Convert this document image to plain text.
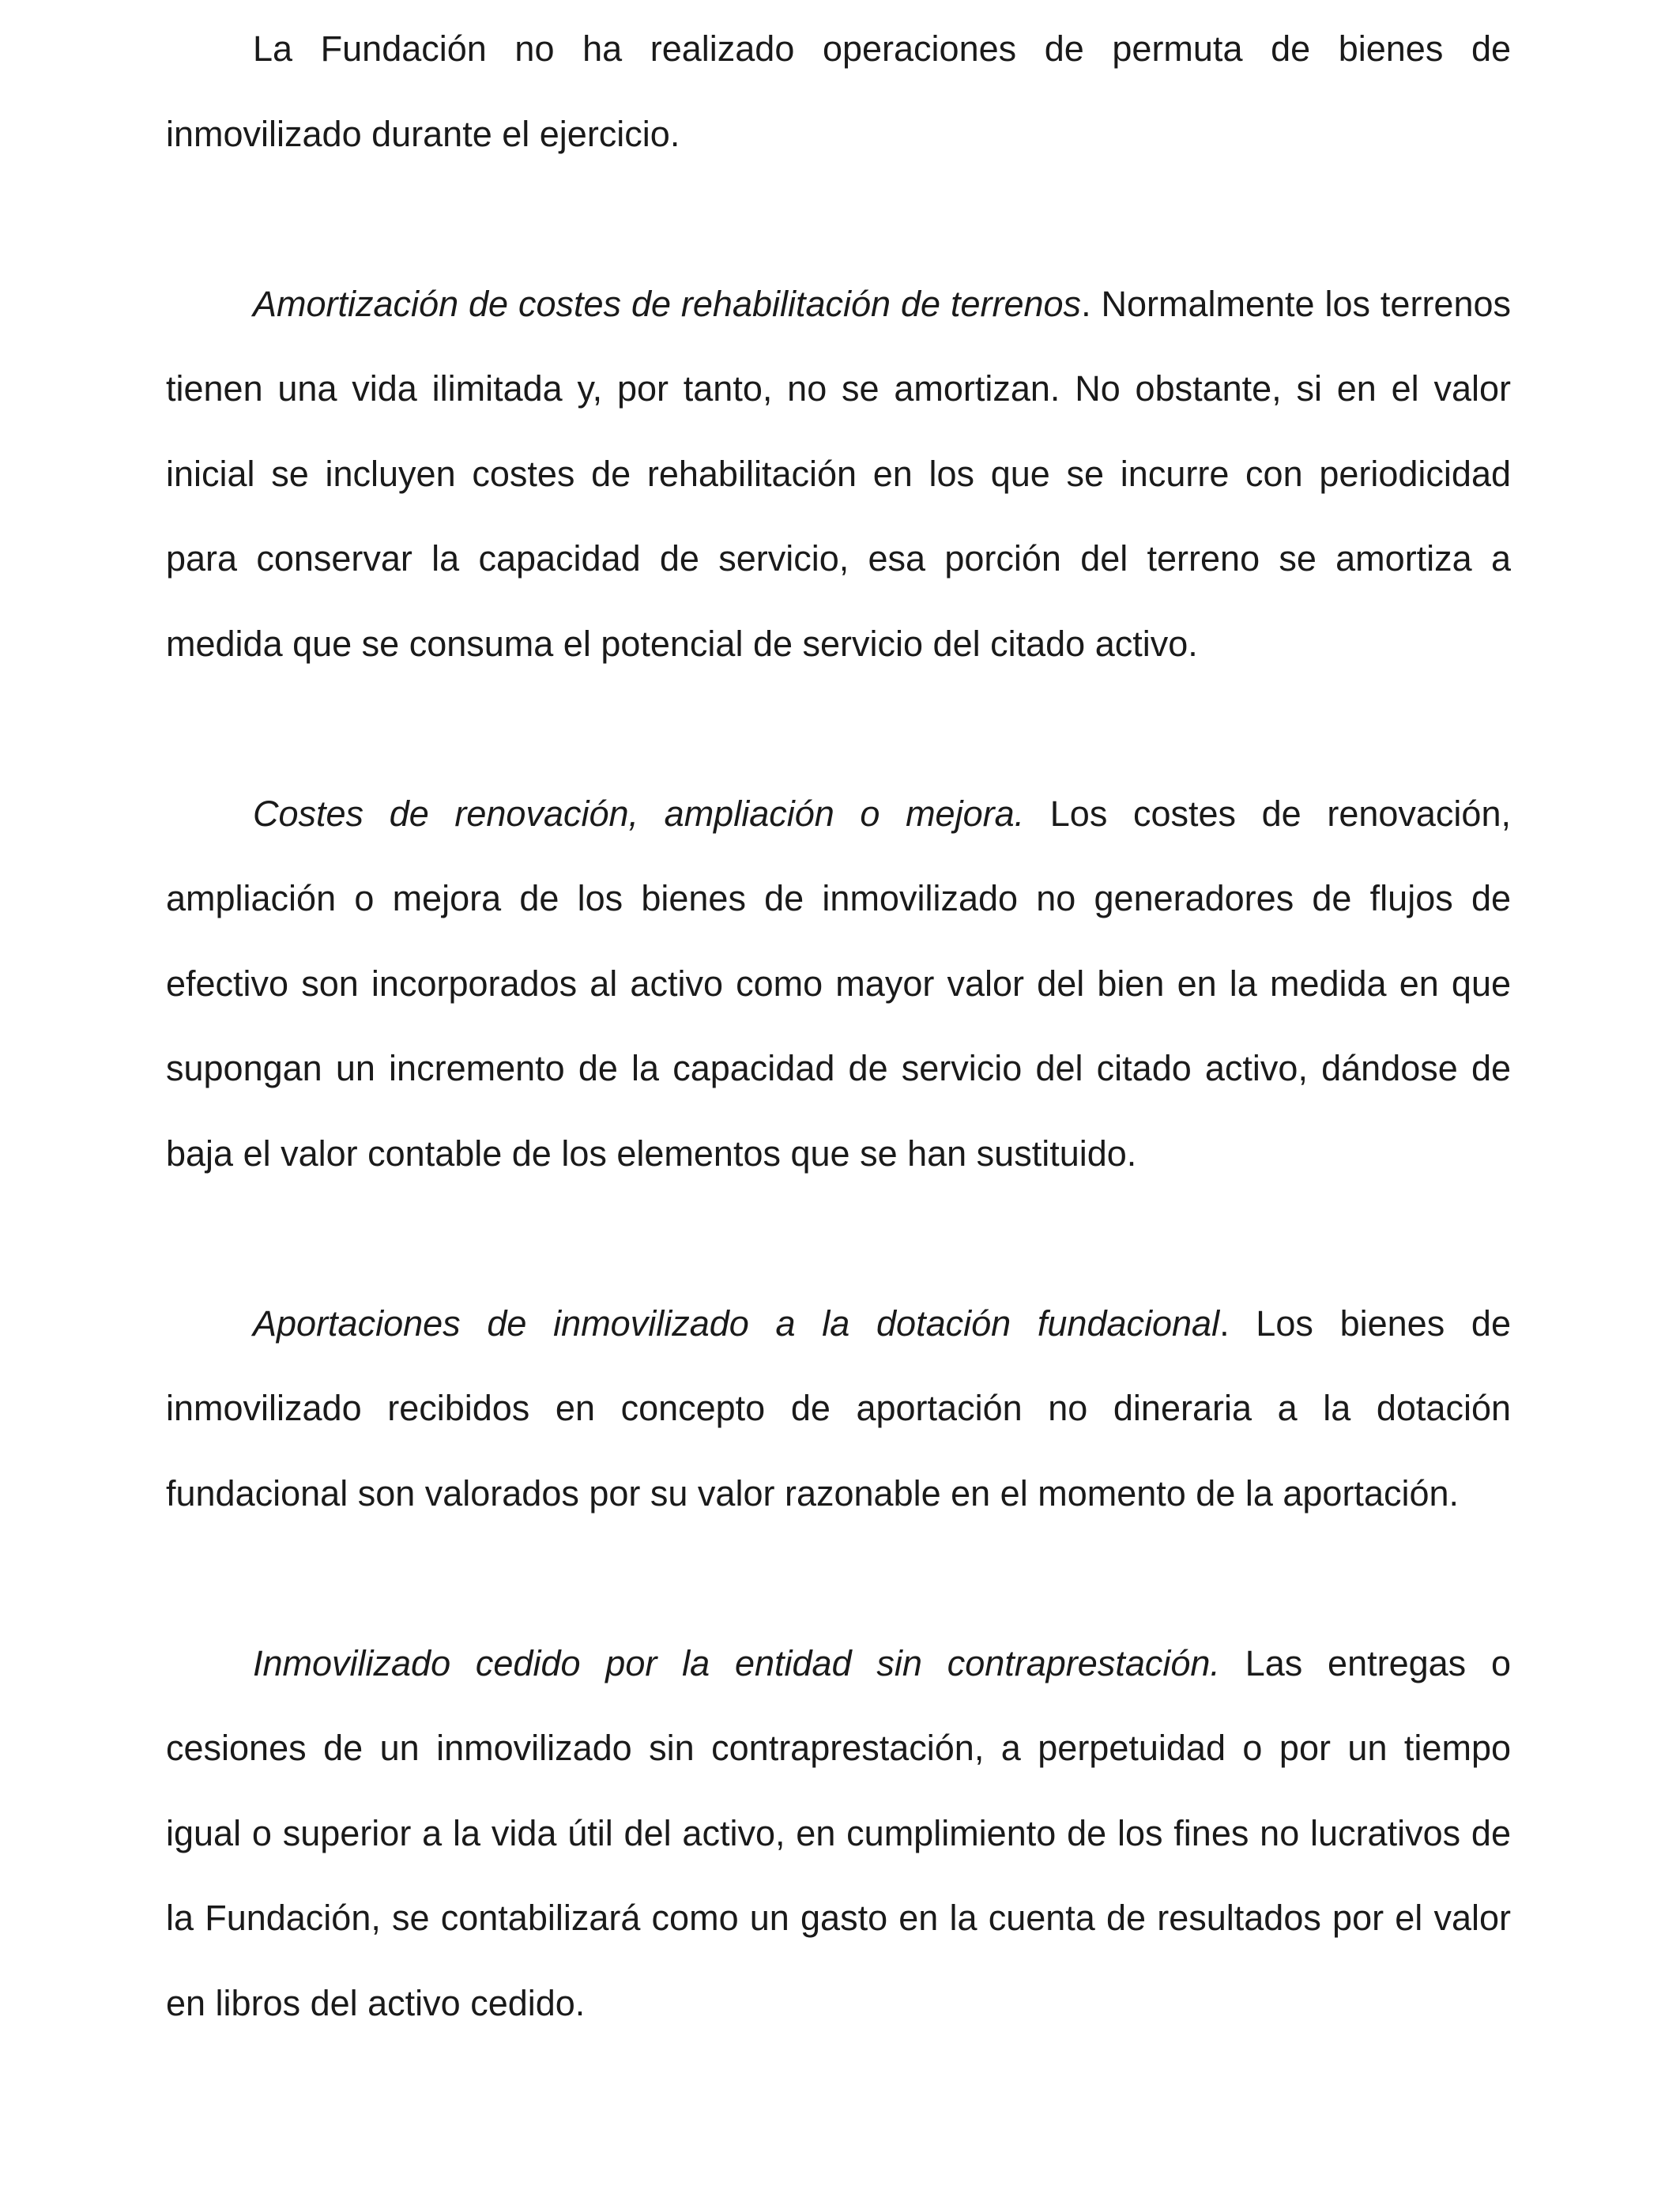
La Fundación no ha realizado operaciones de permuta de bienes de inmovilizado durante el ejercicio.

Amortización de costes de rehabilitación de terrenos. Normalmente los terrenos tienen una vida ilimitada y, por tanto, no se amortizan. No obstante, si en el valor inicial se incluyen costes de rehabilitación en los que se incurre con periodicidad para conservar la capacidad de servicio, esa porción del terreno se amortiza a medida que se consuma el potencial de servicio del citado activo.

Costes de renovación, ampliación o mejora. Los costes de renovación, ampliación o mejora de los bienes de inmovilizado no generadores de flujos de efectivo son incorporados al activo como mayor valor del bien en la medida en que supongan un incremento de la capacidad de servicio del citado activo, dándose de baja el valor contable de los elementos que se han sustituido.

Aportaciones de inmovilizado a la dotación fundacional. Los bienes de inmovilizado recibidos en concepto de aportación no dineraria a la dotación fundacional son valorados por su valor razonable en el momento de la aportación.

Inmovilizado cedido por la entidad sin contraprestación. Las entregas o cesiones de un inmovilizado sin contraprestación, a perpetuidad o por un tiempo igual o superior a la vida útil del activo, en cumplimiento de los fines no lucrativos de la Fundación, se contabilizará como un gasto en la cuenta de resultados por el valor en libros del activo cedido.
